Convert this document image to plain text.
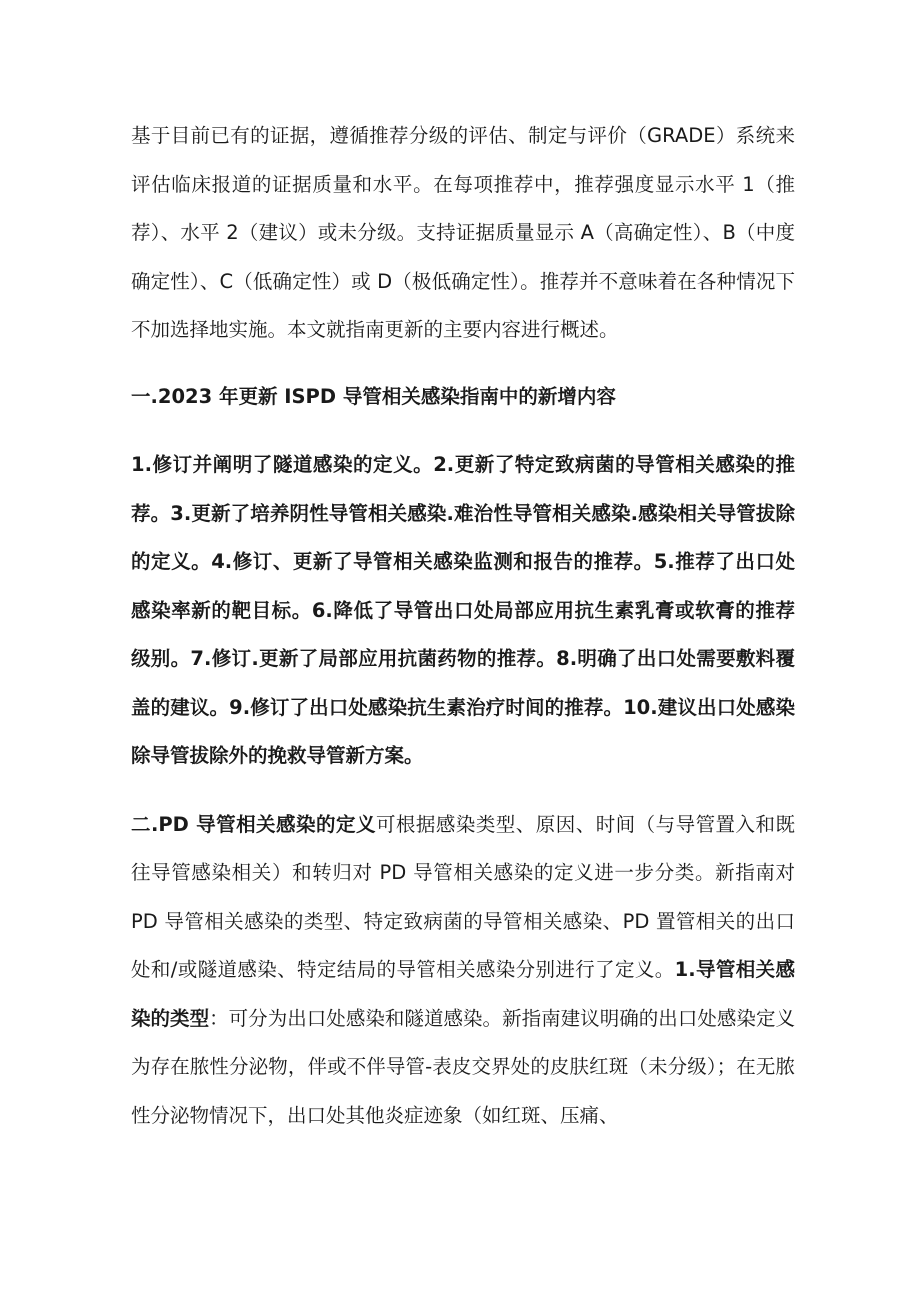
基于目前已有的证据，遵循推荐分级的评估、制定与评价（GRADE）系统来评估临床报道的证据质量和水平。在每项推荐中，推荐强度显示水平 1（推荐）、水平 2（建议）或未分级。支持证据质量显示 A（高确定性）、B（中度确定性）、C（低确定性）或 D（极低确定性）。推荐并不意味着在各种情况下不加选择地实施。本文就指南更新的主要内容进行概述。

一.2023 年更新 ISPD 导管相关感染指南中的新增内容

1.修订并阐明了隧道感染的定义。2.更新了特定致病菌的导管相关感染的推荐。3.更新了培养阴性导管相关感染.难治性导管相关感染.感染相关导管拔除的定义。4.修订、更新了导管相关感染监测和报告的推荐。5.推荐了出口处感染率新的靶目标。6.降低了导管出口处局部应用抗生素乳膏或软膏的推荐级别。7.修订.更新了局部应用抗菌药物的推荐。8.明确了出口处需要敷料覆盖的建议。9.修订了出口处感染抗生素治疗时间的推荐。10.建议出口处感染除导管拔除外的挽救导管新方案。

二.PD 导管相关感染的定义可根据感染类型、原因、时间（与导管置入和既往导管感染相关）和转归对 PD 导管相关感染的定义进一步分类。新指南对 PD 导管相关感染的类型、特定致病菌的导管相关感染、PD 置管相关的出口处和/或隧道感染、特定结局的导管相关感染分别进行了定义。1.导管相关感染的类型：可分为出口处感染和隧道感染。新指南建议明确的出口处感染定义为存在脓性分泌物，伴或不伴导管-表皮交界处的皮肤红斑（未分级）；在无脓性分泌物情况下，出口处其他炎症迹象（如红斑、压痛、
